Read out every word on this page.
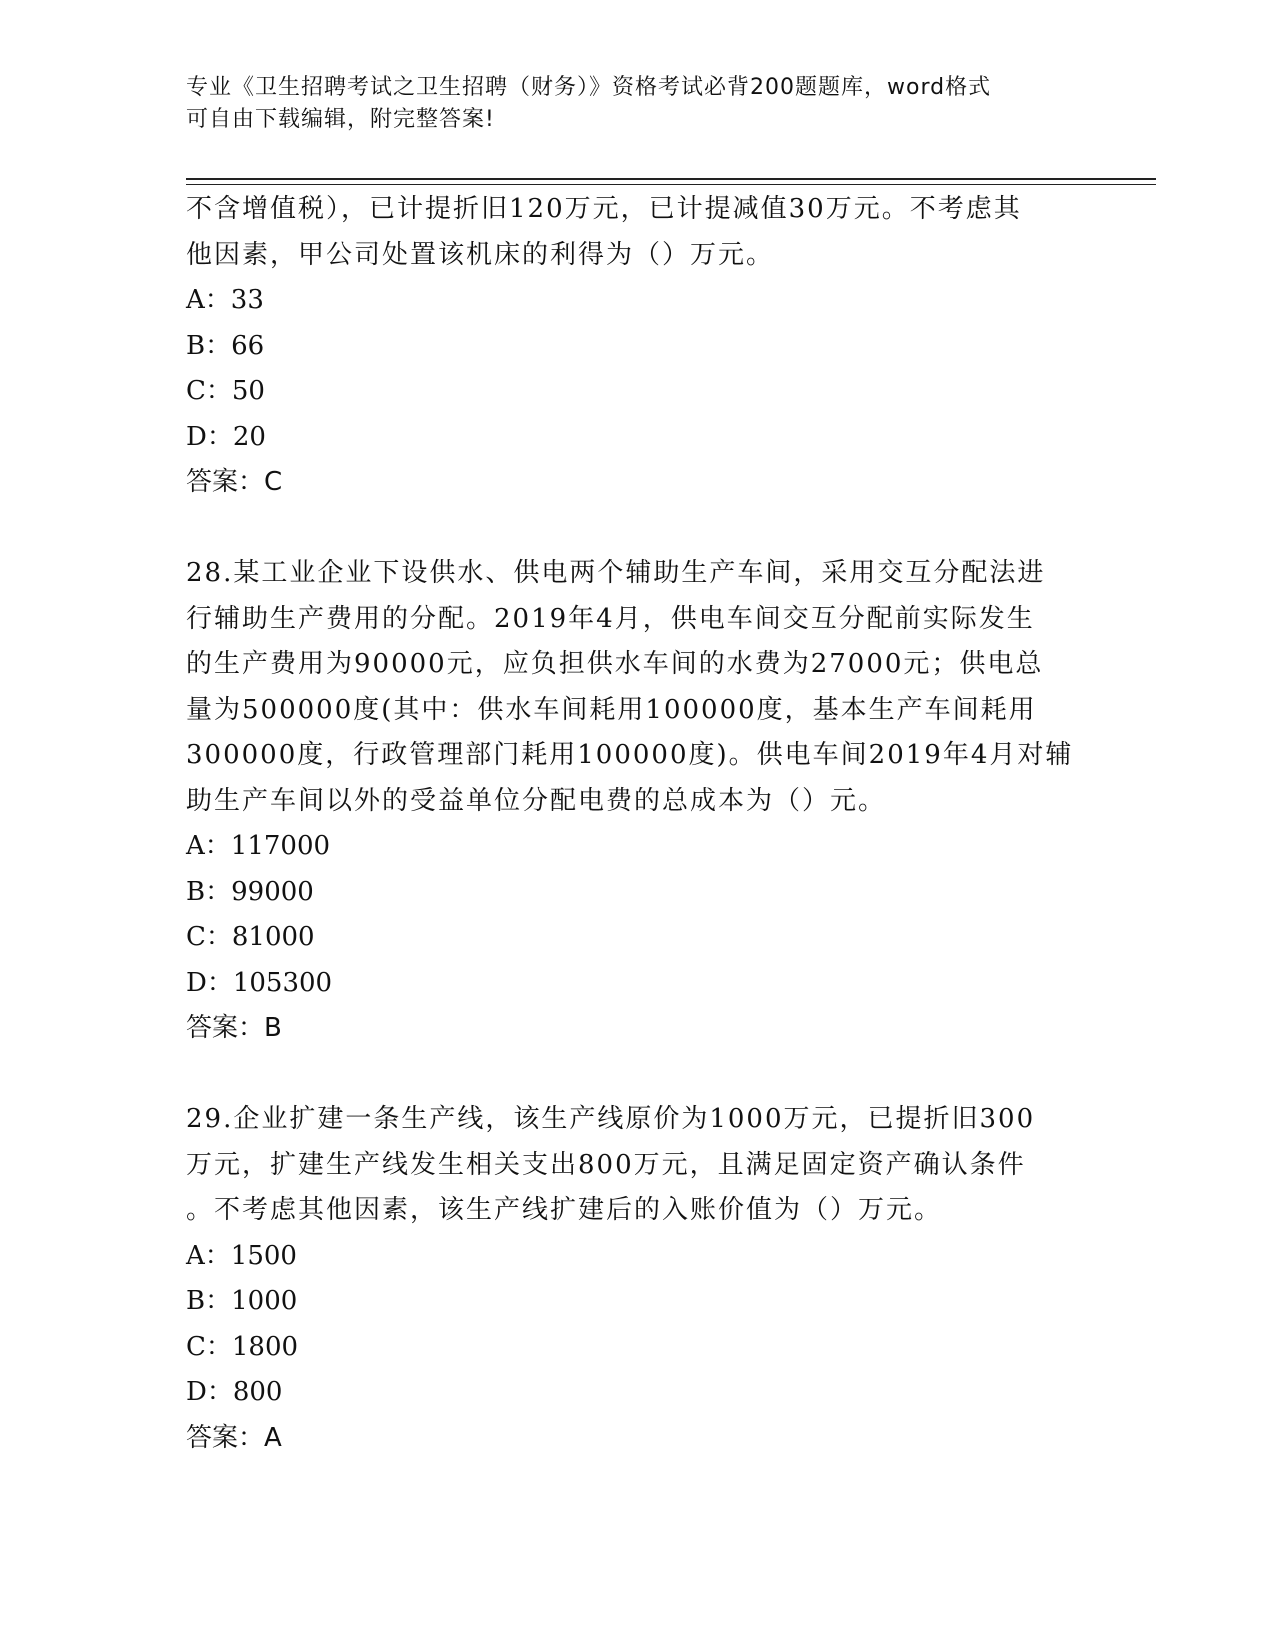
专业《卫生招聘考试之卫生招聘（财务）》资格考试必背200题题库，word格式
可自由下载编辑，附完整答案!

不含增值税），已计提折旧120万元，已计提减值30万元。不考虑其
他因素，甲公司处置该机床的利得为（）万元。

A：33

B：66

C：50

D：20

答案：C

28.某工业企业下设供水、供电两个辅助生产车间，采用交互分配法进
行辅助生产费用的分配。2019年4月，供电车间交互分配前实际发生
的生产费用为90000元，应负担供水车间的水费为27000元；供电总
量为500000度(其中：供水车间耗用100000度，基本生产车间耗用
300000度，行政管理部门耗用100000度)。供电车间2019年4月对辅
助生产车间以外的受益单位分配电费的总成本为（）元。

A：117000

B：99000

C：81000

D：105300

答案：B

29.企业扩建一条生产线，该生产线原价为1000万元，已提折旧300
万元，扩建生产线发生相关支出800万元，且满足固定资产确认条件
。不考虑其他因素，该生产线扩建后的入账价值为（）万元。

A：1500

B：1000

C：1800

D：800

答案：A
